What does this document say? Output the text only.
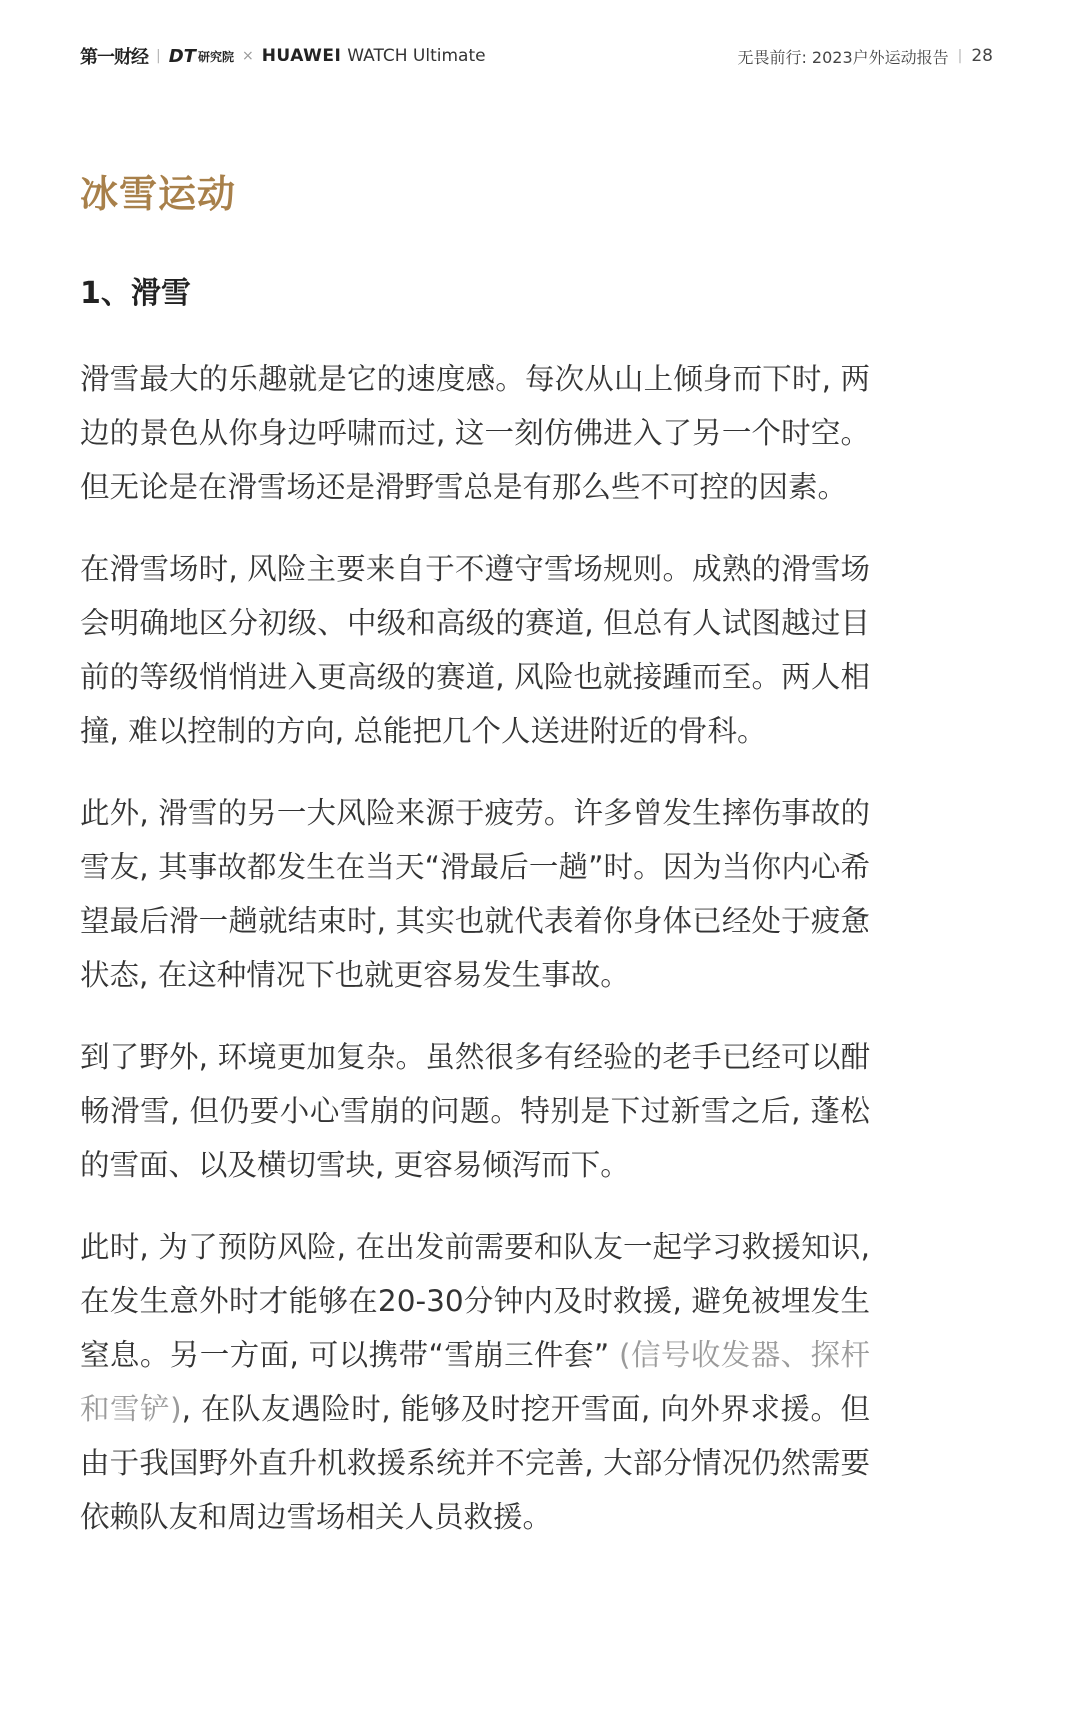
第一财经 | DT 研究院 × HUAWEI WATCH Ultimate	无畏前行: 2023户外运动报告 | 28
冰雪运动
1、滑雪

滑雪最大的乐趣就是它的速度感。每次从山上倾身而下时, 两边的景色从你身边呼啸而过, 这一刻仿佛进入了另一个时空。但无论是在滑雪场还是滑野雪总是有那么些不可控的因素。

在滑雪场时, 风险主要来自于不遵守雪场规则。成熟的滑雪场会明确地区分初级、中级和高级的赛道, 但总有人试图越过目前的等级悄悄进入更高级的赛道, 风险也就接踵而至。两人相撞, 难以控制的方向, 总能把几个人送进附近的骨科。

此外, 滑雪的另一大风险来源于疲劳。许多曾发生摔伤事故的雪友, 其事故都发生在当天“滑最后一趟”时。因为当你内心希望最后滑一趟就结束时, 其实也就代表着你身体已经处于疲惫状态, 在这种情况下也就更容易发生事故。

到了野外, 环境更加复杂。虽然很多有经验的老手已经可以酣畅滑雪, 但仍要小心雪崩的问题。特别是下过新雪之后, 蓬松的雪面、以及横切雪块, 更容易倾泻而下。

此时, 为了预防风险, 在出发前需要和队友一起学习救援知识, 在发生意外时才能够在20-30分钟内及时救援, 避免被埋发生窒息。另一方面, 可以携带“雪崩三件套” (信号收发器、探杆和雪铲), 在队友遇险时, 能够及时挖开雪面, 向外界求援。但由于我国野外直升机救援系统并不完善, 大部分情况仍然需要依赖队友和周边雪场相关人员救援。
